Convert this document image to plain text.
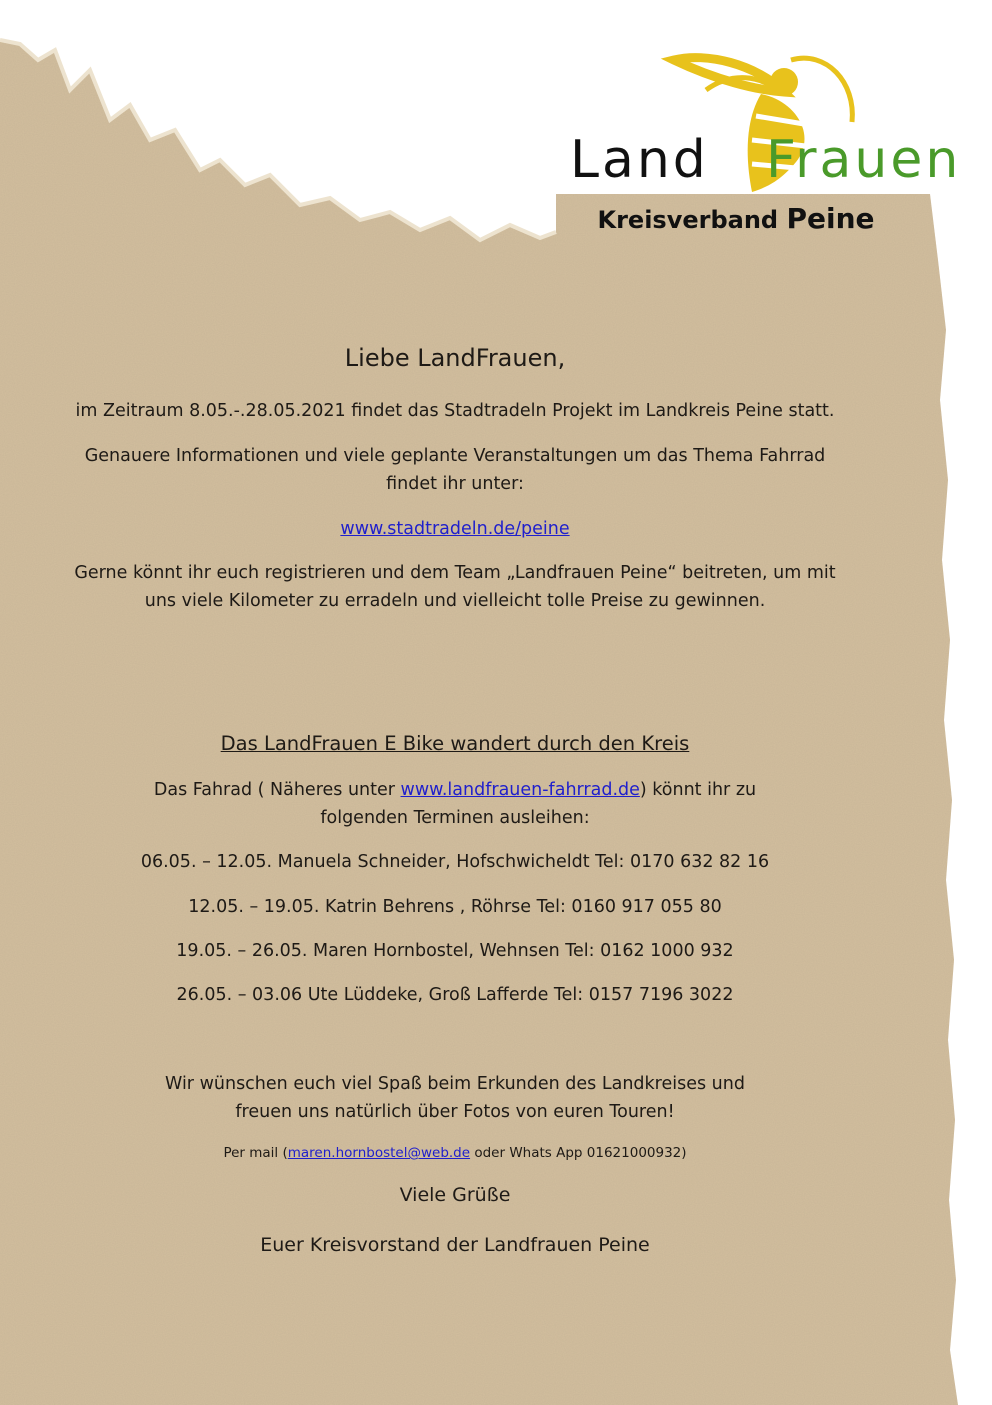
Land Frauen
Kreisverband Peine
Liebe LandFrauen,
im Zeitraum 8.05.-.28.05.2021 findet das Stadtradeln Projekt im Landkreis Peine statt.
Genauere Informationen und viele geplante Veranstaltungen um das Thema Fahrrad
findet ihr unter:
www.stadtradeln.de/peine
Gerne könnt ihr euch registrieren und dem Team „Landfrauen Peine“ beitreten, um mit
uns viele Kilometer zu erradeln und vielleicht tolle Preise zu gewinnen.
Das LandFrauen E Bike wandert durch den Kreis
Das Fahrad ( Näheres unter www.landfrauen-fahrrad.de) könnt ihr zu
folgenden Terminen ausleihen:
06.05. – 12.05. Manuela Schneider, Hofschwicheldt Tel: 0170 632 82 16
12.05. – 19.05. Katrin Behrens , Röhrse Tel: 0160 917 055 80
19.05. – 26.05. Maren Hornbostel, Wehnsen Tel: 0162 1000 932
26.05. – 03.06 Ute Lüddeke, Groß Lafferde Tel: 0157 7196 3022
Wir wünschen euch viel Spaß beim Erkunden des Landkreises und
freuen uns natürlich über Fotos von euren Touren!
Per mail (maren.hornbostel@web.de oder Whats App 01621000932)
Viele Grüße
Euer Kreisvorstand der Landfrauen Peine
